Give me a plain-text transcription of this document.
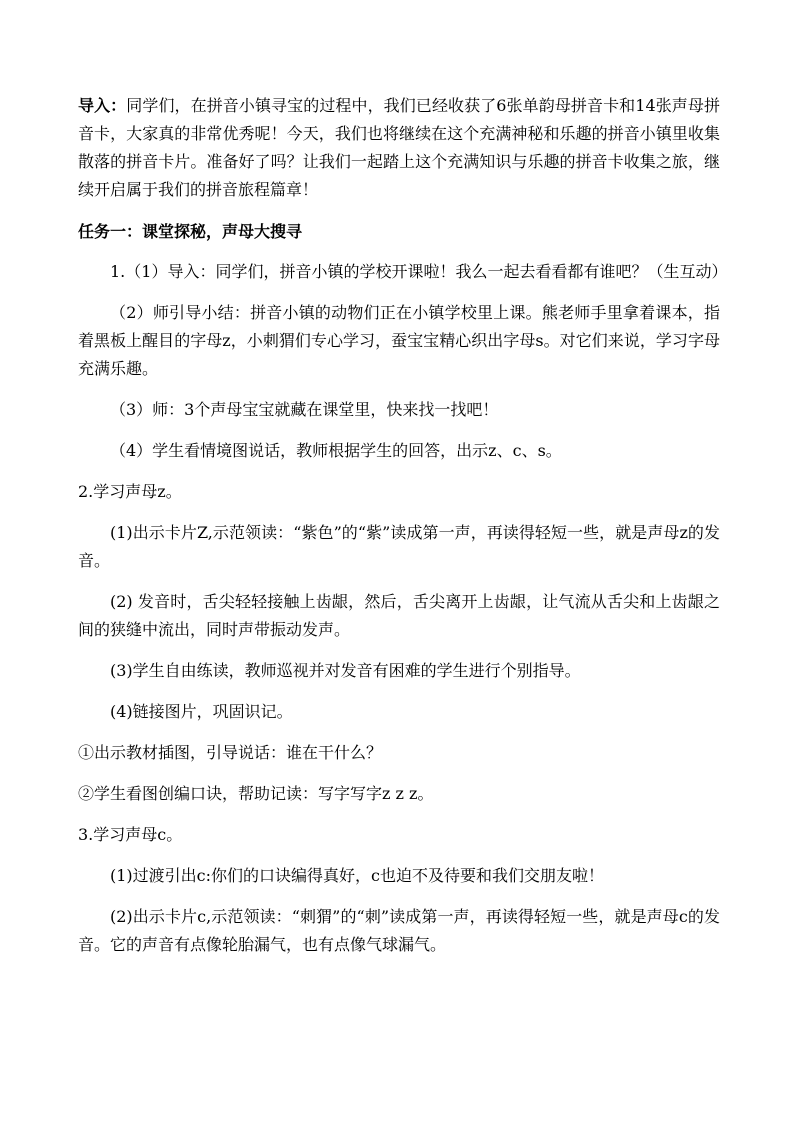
导入：同学们，在拼音小镇寻宝的过程中，我们已经收获了6张单韵母拼音卡和14张声母拼音卡，大家真的非常优秀呢！今天，我们也将继续在这个充满神秘和乐趣的拼音小镇里收集散落的拼音卡片。准备好了吗？让我们一起踏上这个充满知识与乐趣的拼音卡收集之旅，继续开启属于我们的拼音旅程篇章！

任务一：课堂探秘，声母大搜寻

1.（1）导入：同学们，拼音小镇的学校开课啦！我么一起去看看都有谁吧？（生互动）

（2）师引导小结：拼音小镇的动物们正在小镇学校里上课。熊老师手里拿着课本，指着黑板上醒目的字母z，小刺猬们专心学习，蚕宝宝精心织出字母s。对它们来说，学习字母充满乐趣。

（3）师：3个声母宝宝就藏在课堂里，快来找一找吧！

（4）学生看情境图说话，教师根据学生的回答，出示z、c、s。

2.学习声母z。

(1)出示卡片Z,示范领读：“紫色”的“紫”读成第一声，再读得轻短一些，就是声母z的发音。

(2) 发音时，舌尖轻轻接触上齿龈，然后，舌尖离开上齿龈，让气流从舌尖和上齿龈之间的狭缝中流出，同时声带振动发声。

(3)学生自由练读，教师巡视并对发音有困难的学生进行个别指导。

(4)链接图片，巩固识记。

①出示教材插图，引导说话：谁在干什么？

②学生看图创编口诀，帮助记读：写字写字z z z。

3.学习声母c。

(1)过渡引出c:你们的口诀编得真好，c也迫不及待要和我们交朋友啦！

(2)出示卡片c,示范领读：“刺猬”的“刺”读成第一声，再读得轻短一些，就是声母c的发音。它的声音有点像轮胎漏气，也有点像气球漏气。
